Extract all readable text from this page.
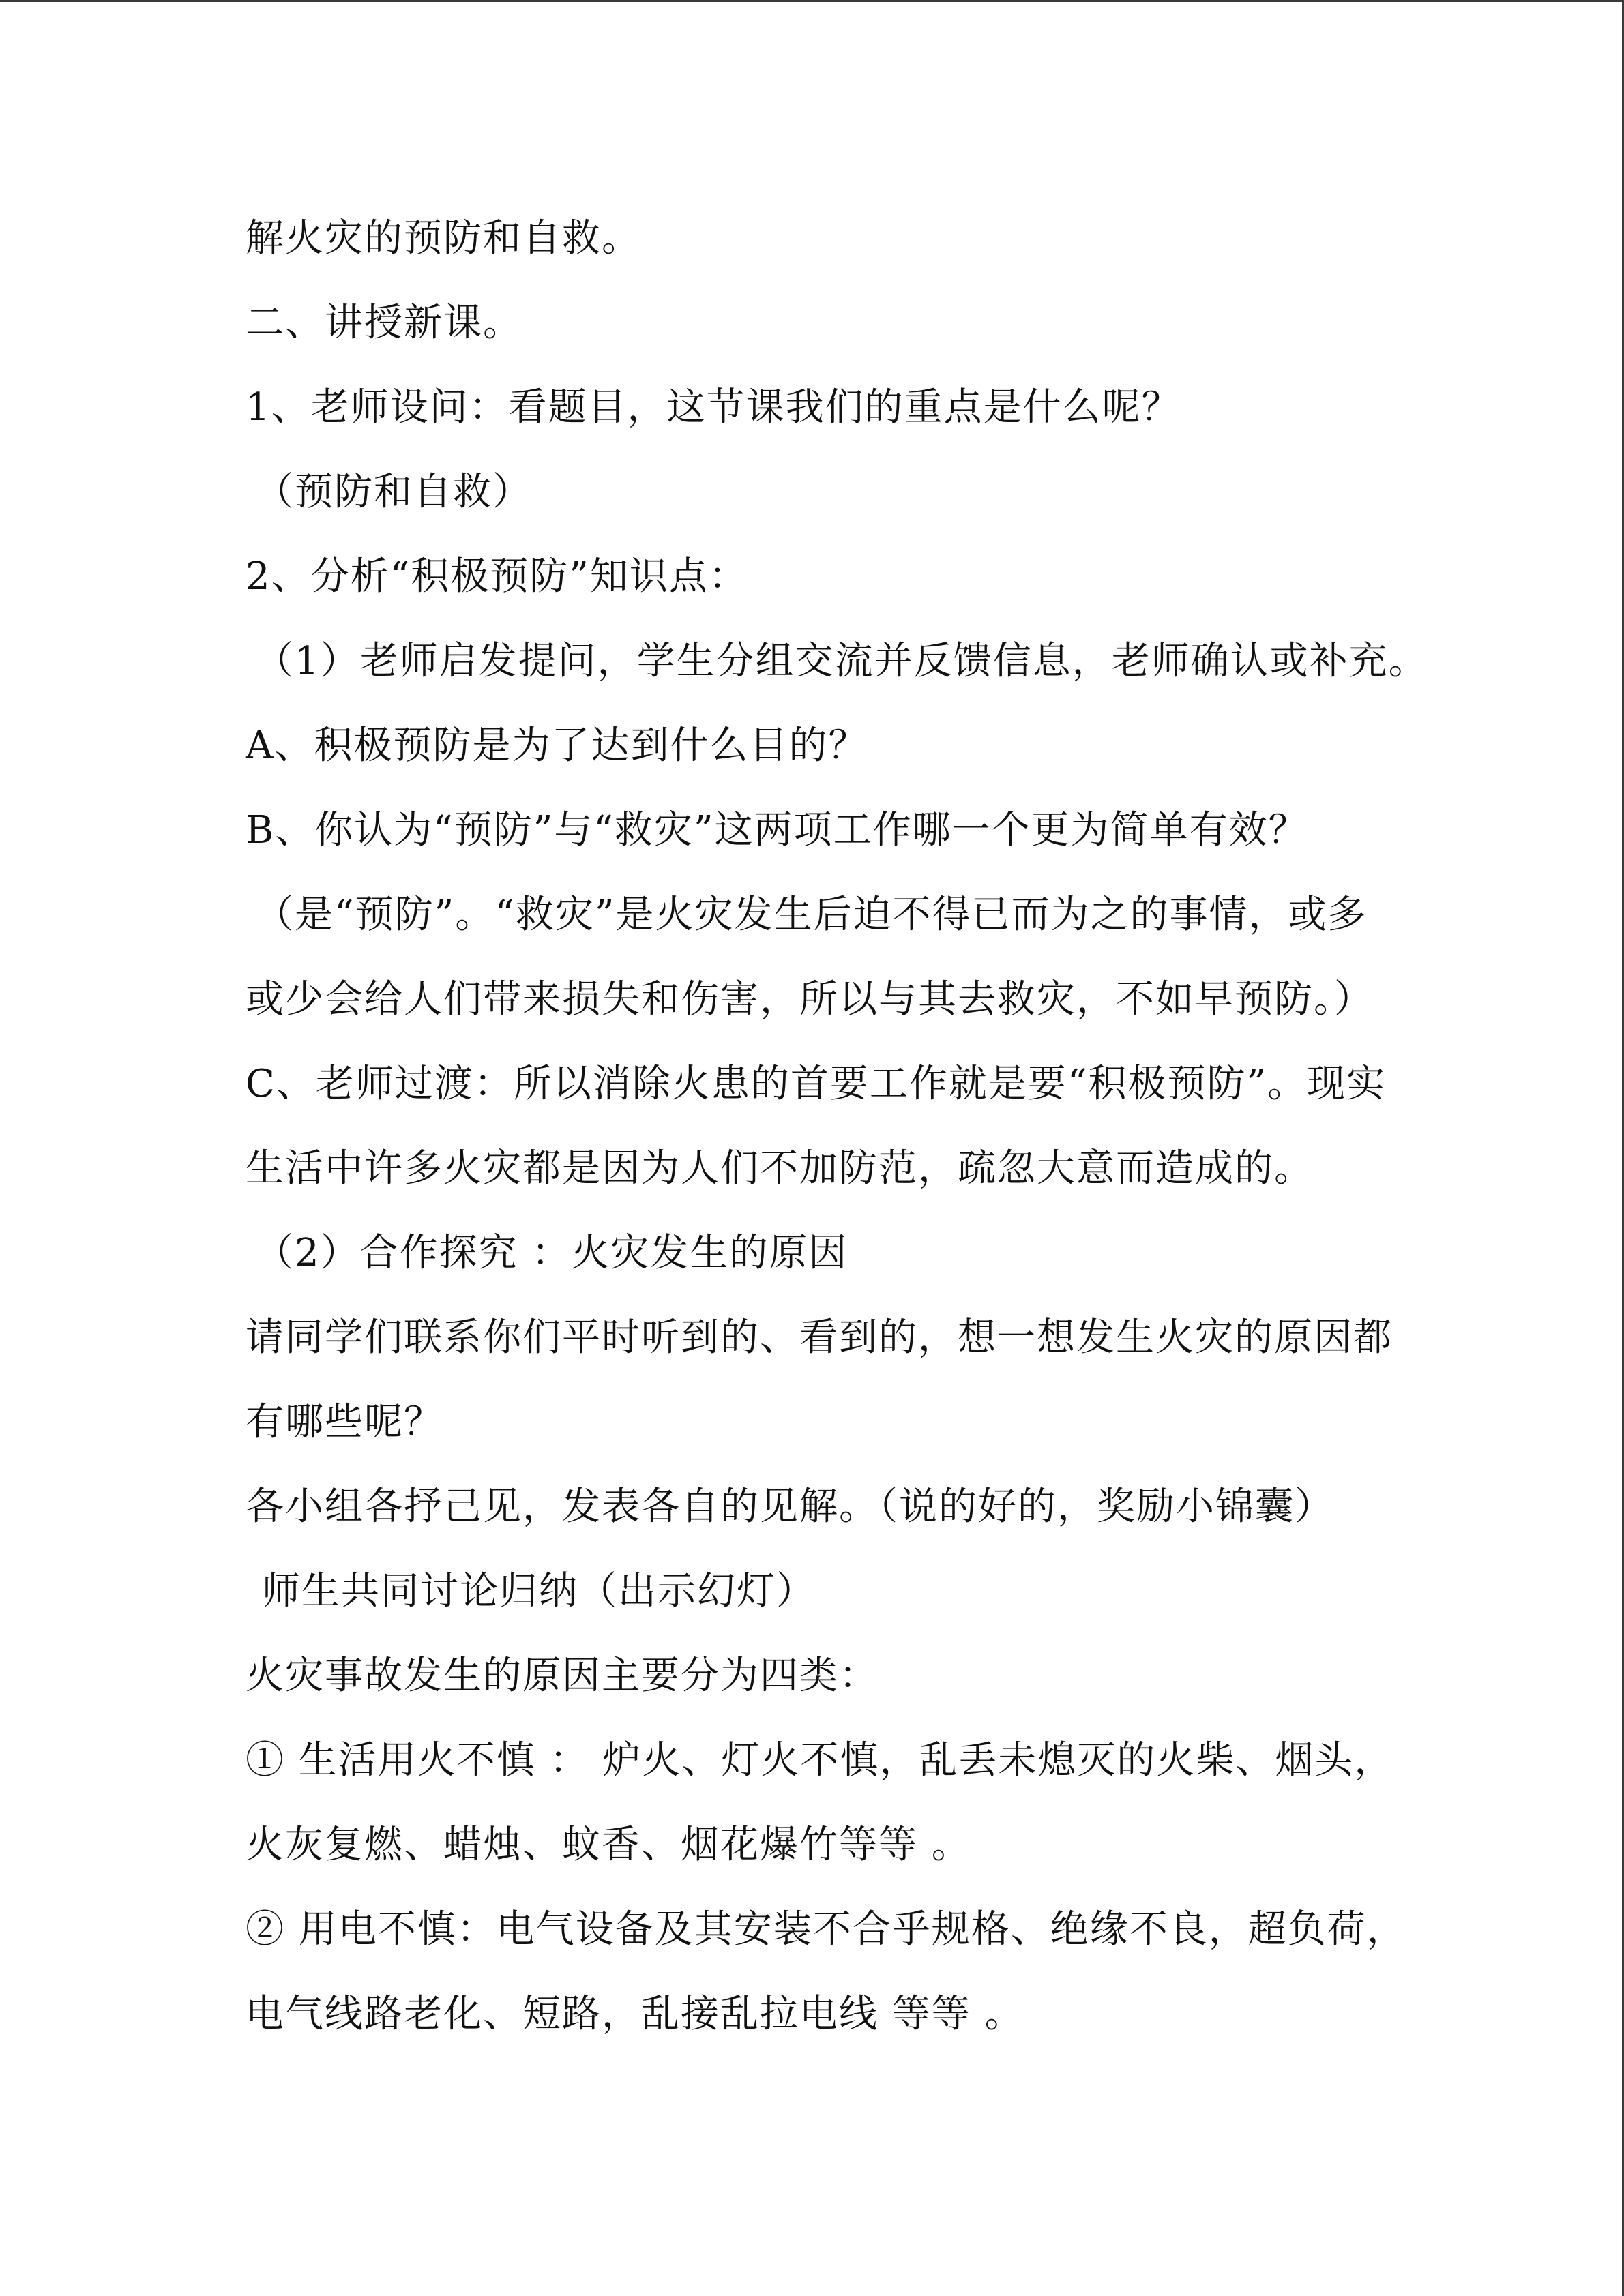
解火灾的预防和自救。
二、讲授新课。
1、老师设问：看题目，这节课我们的重点是什么呢？
（预防和自救）
2、分析“积极预防”知识点：
（1）老师启发提问，学生分组交流并反馈信息，老师确认或补充。
A、积极预防是为了达到什么目的？
B、你认为“预防”与“救灾”这两项工作哪一个更为简单有效？
（是“预防”。“救灾”是火灾发生后迫不得已而为之的事情，或多
或少会给人们带来损失和伤害，所以与其去救灾，不如早预防。）
C、老师过渡：所以消除火患的首要工作就是要“积极预防”。现实
生活中许多火灾都是因为人们不加防范，疏忽大意而造成的。
（2）合作探究 ：火灾发生的原因
请同学们联系你们平时听到的、看到的，想一想发生火灾的原因都
有哪些呢？
各小组各抒己见，发表各自的见解。（说的好的，奖励小锦囊）
师生共同讨论归纳（出示幻灯）
火灾事故发生的原因主要分为四类：
① 生活用火不慎 ： 炉火、灯火不慎，乱丢未熄灭的火柴、烟头，
火灰复燃、蜡烛、蚊香、烟花爆竹等等 。
② 用电不慎：电气设备及其安装不合乎规格、绝缘不良，超负荷，
电气线路老化、短路，乱接乱拉电线 等等 。
